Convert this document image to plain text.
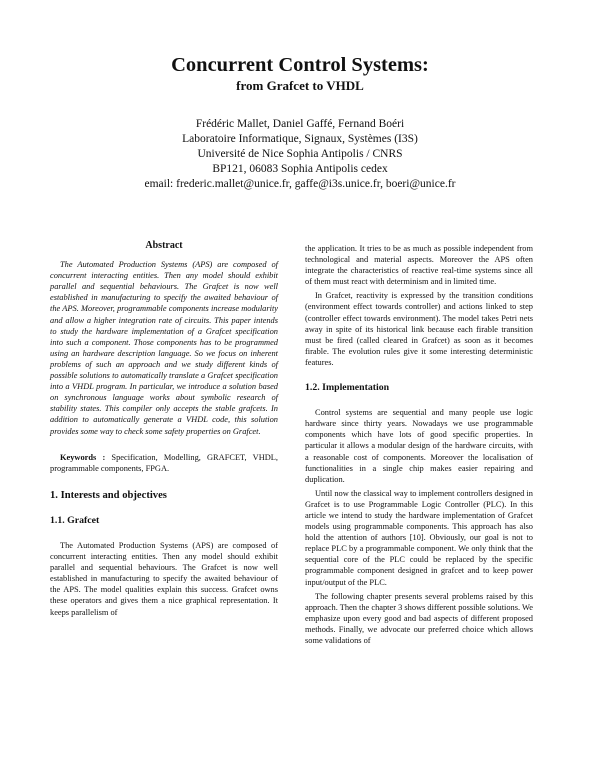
Concurrent Control Systems:
from Grafcet to VHDL
Frédéric Mallet, Daniel Gaffé, Fernand Boéri
Laboratoire Informatique, Signaux, Systèmes (I3S)
Université de Nice Sophia Antipolis / CNRS
BP121, 06083 Sophia Antipolis cedex
email: frederic.mallet@unice.fr, gaffe@i3s.unice.fr, boeri@unice.fr
Abstract

The Automated Production Systems (APS) are composed of concurrent interacting entities. Then any model should exhibit parallel and sequential behaviours. The Grafcet is now well established in manufacturing to specify the awaited behaviour of the APS. Moreover, programmable components increase modularity and allow a higher integration rate of circuits. This paper intends to study the hardware implementation of a Grafcet specification into such a component. Those components has to be programmed using an hardware description language. So we focus on inherent problems of such an approach and we study different kinds of possible solutions to automatically translate a Grafcet specification into a VHDL program. In particular, we introduce a solution based on synchronous language works about symbolic research of stability states. This compiler only accepts the stable grafcets. In addition to automatically generate a VHDL code, this solution provides some way to check some safety properties on Grafcet.

Keywords : Specification, Modelling, GRAFCET, VHDL, programmable components, FPGA.

1. Interests and objectives
1.1. Grafcet

The Automated Production Systems (APS) are composed of concurrent interacting entities. Then any model should exhibit parallel and sequential behaviours. The Grafcet is now well established in manufacturing to specify the awaited behaviour of the APS. The model qualities explain this success. Grafcet owns these operators and gives them a nice graphical representation. It keeps parallelism of

the application. It tries to be as much as possible independent from technological and material aspects. Moreover the APS often integrate the characteristics of reactive real-time systems since all of them must react with determinism and in limited time.

In Grafcet, reactivity is expressed by the transition conditions (environment effect towards controller) and actions linked to step (controller effect towards environment). The model takes Petri nets away in spite of its historical link because each firable transition must be fired (called cleared in Grafcet) as soon as it becomes firable. The evolution rules give it some interesting deterministic features.

1.2. Implementation

Control systems are sequential and many people use logic hardware since thirty years. Nowadays we use programmable components which have lots of good specific properties. In particular it allows a modular design of the hardware circuits, with a reasonable cost of components. Moreover the localisation of functionalities in a single chip makes easier repairing and duplication.

Until now the classical way to implement controllers designed in Grafcet is to use Programmable Logic Controller (PLC). In this article we intend to study the hardware implementation of Grafcet models using programmable components. This approach has also hold the attention of authors [10]. Obviously, our goal is not to replace PLC by a programmable component. We only think that the sequential core of the PLC could be replaced by the specific programmable component designed in grafcet and to keep power input/output of the PLC.

The following chapter presents several problems raised by this approach. Then the chapter 3 shows different possible solutions. We emphasize upon every good and bad aspects of different proposed methods. Finally, we advocate our preferred choice which allows some validations of
